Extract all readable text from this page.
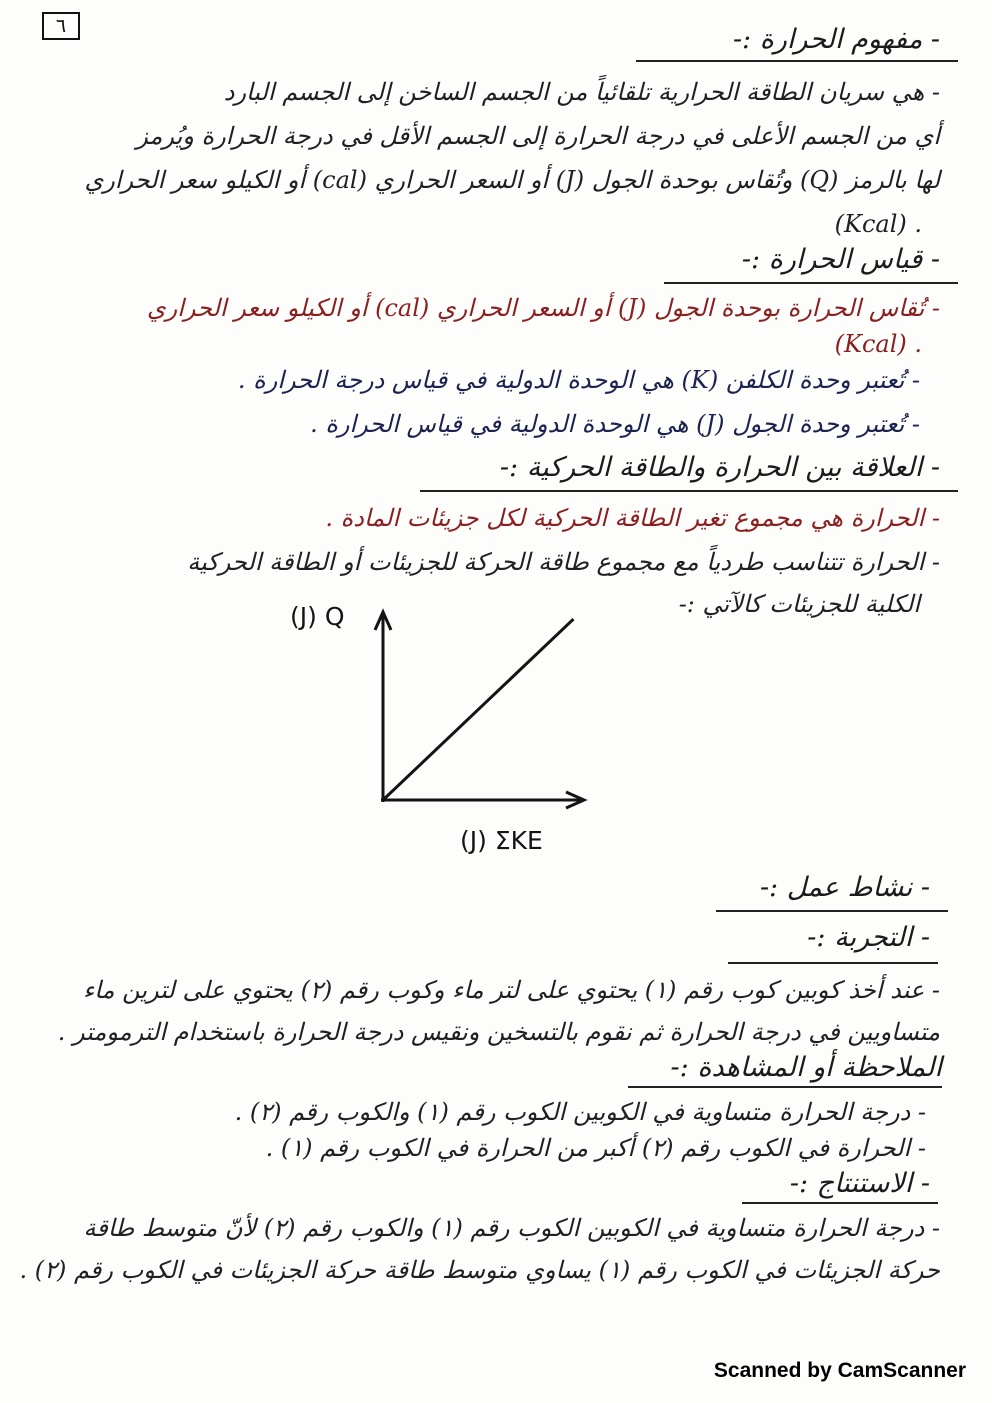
٦	- مفهوم الحرارة :-
- هي سريان الطاقة الحرارية تلقائياً من الجسم الساخن إلى الجسم البارد
أي من الجسم الأعلى في درجة الحرارة إلى الجسم الأقل في درجة الحرارة ويُرمز
لها بالرمز (Q) وتُقاس بوحدة الجول (J) أو السعر الحراري (cal) أو الكيلو سعر الحراري
. (Kcal)
- قياس الحرارة :-
- تُقاس الحرارة بوحدة الجول (J) أو السعر الحراري (cal) أو الكيلو سعر الحراري
. (Kcal)
- تُعتبر وحدة الكلفن (K) هي الوحدة الدولية في قياس درجة الحرارة .
- تُعتبر وحدة الجول (J) هي الوحدة الدولية في قياس الحرارة .
- العلاقة بين الحرارة والطاقة الحركية :-
- الحرارة هي مجموع تغير الطاقة الحركية لكل جزيئات المادة .
- الحرارة تتناسب طردياً مع مجموع طاقة الحركة للجزيئات أو الطاقة الحركية
الكلية للجزيئات كالآتي :-
(J) Q
(J) ΣKE
- نشاط عمل :-
- التجربة :-
- عند أخذ كوبين كوب رقم (١) يحتوي على لتر ماء وكوب رقم (٢) يحتوي على لترين ماء
متساويين في درجة الحرارة ثم نقوم بالتسخين ونقيس درجة الحرارة باستخدام الترمومتر .
الملاحظة أو المشاهدة :-
- درجة الحرارة متساوية في الكوبين الكوب رقم (١) والكوب رقم (٢) .
- الحرارة في الكوب رقم (٢) أكبر من الحرارة في الكوب رقم (١) .
- الاستنتاج :-
- درجة الحرارة متساوية في الكوبين الكوب رقم (١) والكوب رقم (٢) لأنّ متوسط طاقة
حركة الجزيئات في الكوب رقم (١) يساوي متوسط طاقة حركة الجزيئات في الكوب رقم (٢) .
Scanned by CamScanner
